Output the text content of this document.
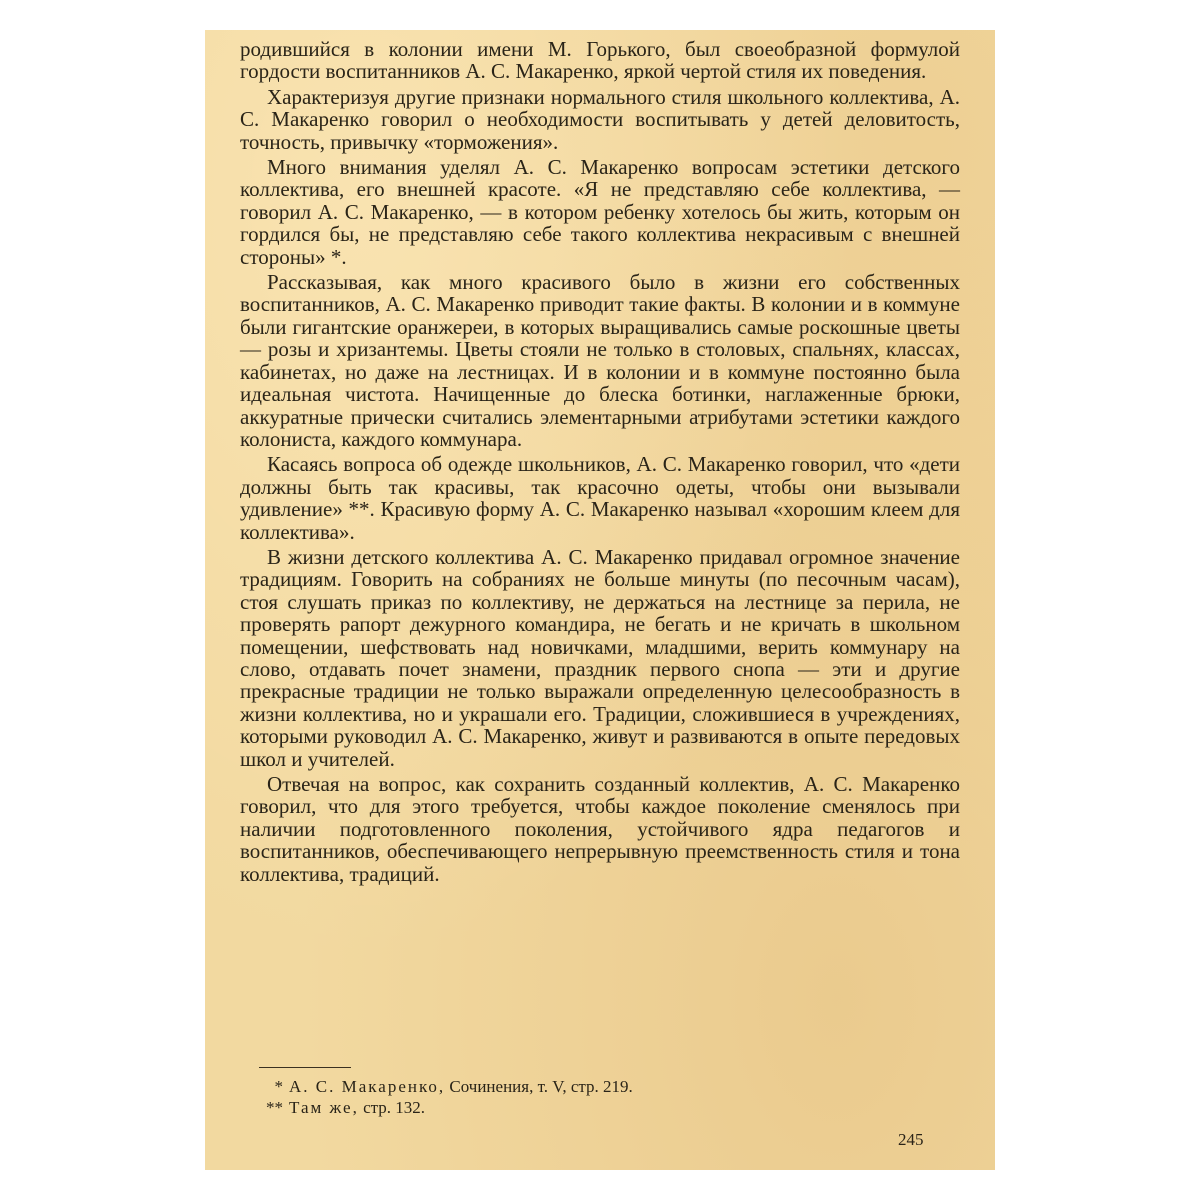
родившийся в колонии имени М. Горького, был своеобразной формулой гордости воспитанников А. С. Макаренко, яркой чертой стиля их поведения.

Характеризуя другие признаки нормального стиля школьного коллектива, А. С. Макаренко говорил о необходимости воспитывать у детей деловитость, точность, привычку «торможения».

Много внимания уделял А. С. Макаренко вопросам эстетики детского коллектива, его внешней красоте. «Я не представляю себе коллектива, — говорил А. С. Макаренко, — в котором ребенку хотелось бы жить, которым он гордился бы, не представляю себе такого коллектива некрасивым с внешней стороны» *.

Рассказывая, как много красивого было в жизни его собственных воспитанников, А. С. Макаренко приводит такие факты. В колонии и в коммуне были гигантские оранжереи, в которых выращивались самые роскошные цветы — розы и хризантемы. Цветы стояли не только в столовых, спальнях, классах, кабинетах, но даже на лестницах. И в колонии и в коммуне постоянно была идеальная чистота. Начищенные до блеска ботинки, наглаженные брюки, аккуратные прически считались элементарными атрибутами эстетики каждого колониста, каждого коммунара.

Касаясь вопроса об одежде школьников, А. С. Макаренко говорил, что «дети должны быть так красивы, так красочно одеты, чтобы они вызывали удивление» **. Красивую форму А. С. Макаренко называл «хорошим клеем для коллектива».

В жизни детского коллектива А. С. Макаренко придавал огромное значение традициям. Говорить на собраниях не больше минуты (по песочным часам), стоя слушать приказ по коллективу, не держаться на лестнице за перила, не проверять рапорт дежурного командира, не бегать и не кричать в школьном помещении, шефствовать над новичками, младшими, верить коммунару на слово, отдавать почет знамени, праздник первого снопа — эти и другие прекрасные традиции не только выражали определенную целесообразность в жизни коллектива, но и украшали его. Традиции, сложившиеся в учреждениях, которыми руководил А. С. Макаренко, живут и развиваются в опыте передовых школ и учителей.

Отвечая на вопрос, как сохранить созданный коллектив, А. С. Макаренко говорил, что для этого требуется, чтобы каждое поколение сменялось при наличии подготовленного поколения, устойчивого ядра педагогов и воспитанников, обеспечивающего непрерывную преемственность стиля и тона коллектива, традиций.

* А. С. Макаренко, Сочинения, т. V, стр. 219.
** Там же, стр. 132.
245
